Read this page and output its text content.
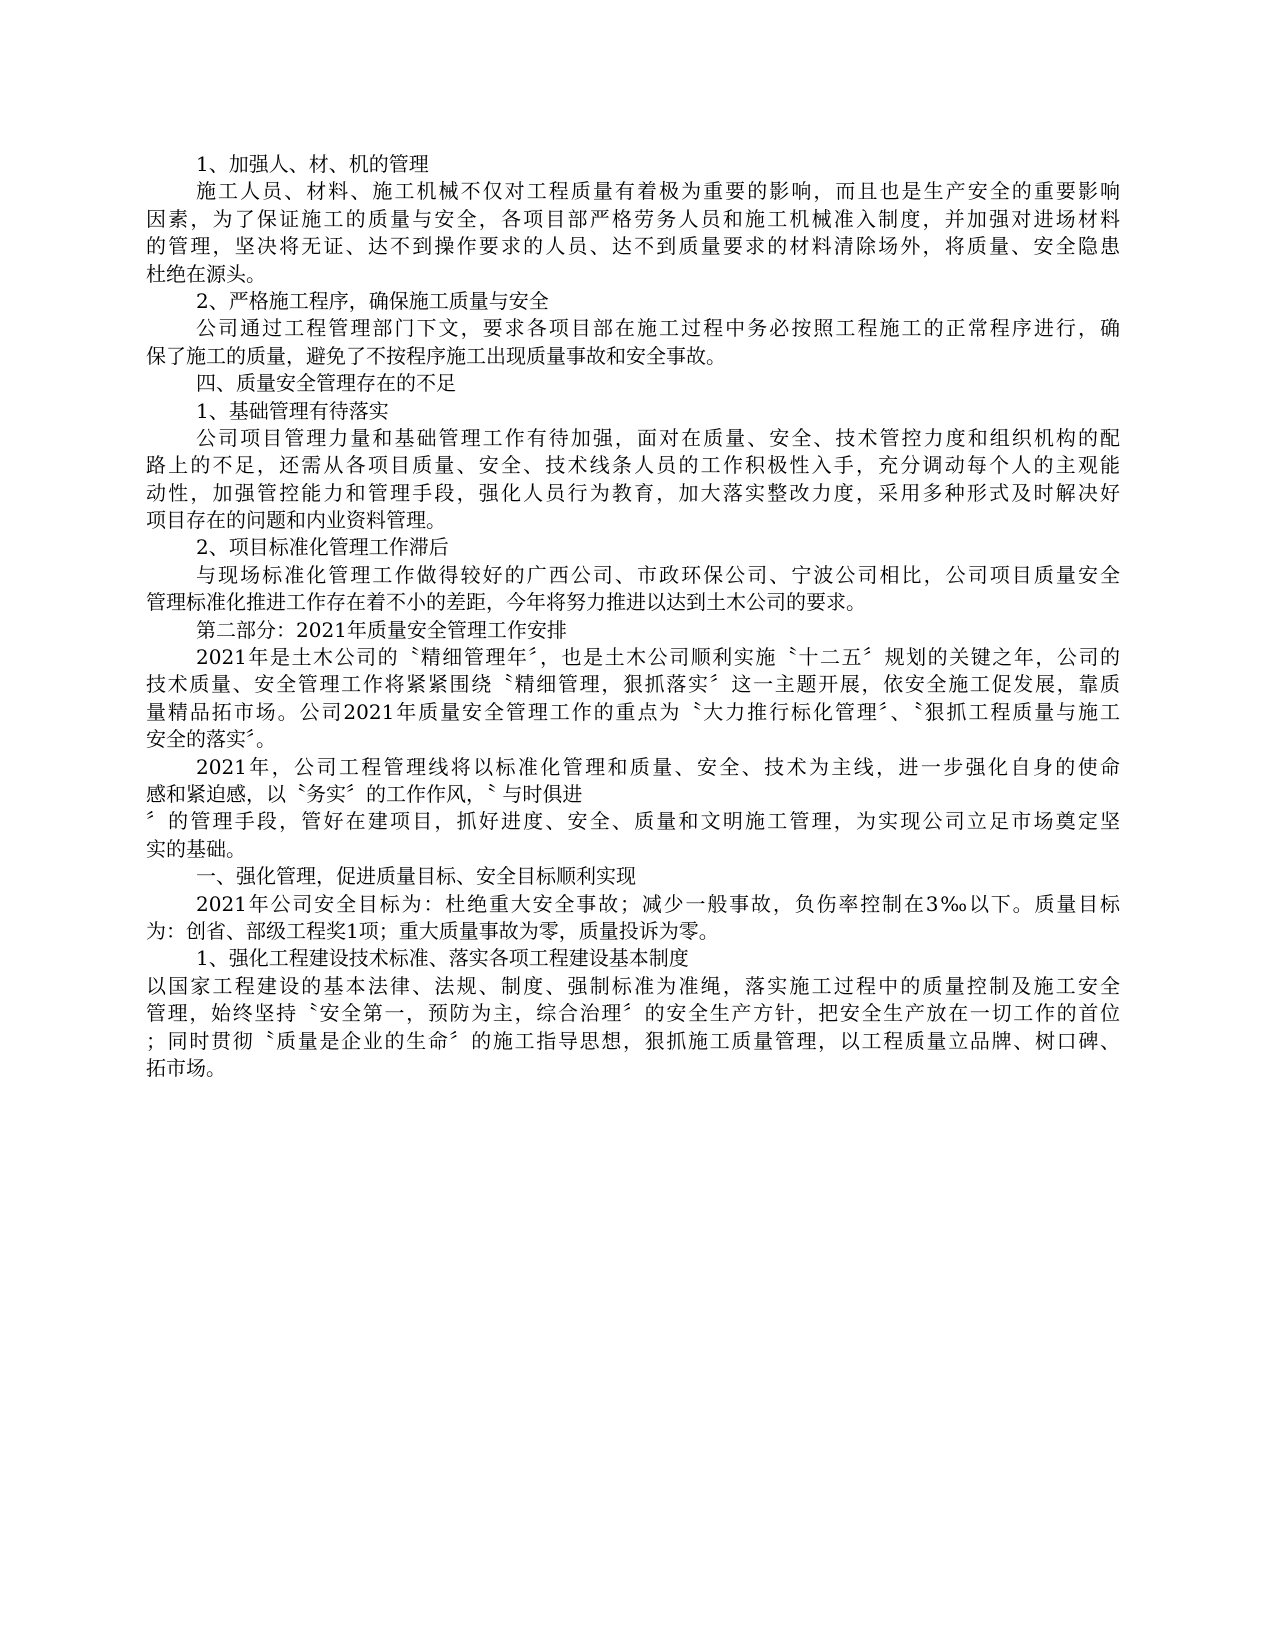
1、加强人、材、机的管理
施工人员、材料、施工机械不仅对工程质量有着极为重要的影响，而且也是生产安全的重要影响
因素，为了保证施工的质量与安全，各项目部严格劳务人员和施工机械准入制度，并加强对进场材料
的管理，坚决将无证、达不到操作要求的人员、达不到质量要求的材料清除场外，将质量、安全隐患
杜绝在源头。
2、严格施工程序，确保施工质量与安全
公司通过工程管理部门下文，要求各项目部在施工过程中务必按照工程施工的正常程序进行，确
保了施工的质量，避免了不按程序施工出现质量事故和安全事故。
四、质量安全管理存在的不足
1、基础管理有待落实
公司项目管理力量和基础管理工作有待加强，面对在质量、安全、技术管控力度和组织机构的配
路上的不足，还需从各项目质量、安全、技术线条人员的工作积极性入手，充分调动每个人的主观能
动性，加强管控能力和管理手段，强化人员行为教育，加大落实整改力度，采用多种形式及时解决好
项目存在的问题和内业资料管理。
2、项目标准化管理工作滞后
与现场标准化管理工作做得较好的广西公司、市政环保公司、宁波公司相比，公司项目质量安全
管理标准化推进工作存在着不小的差距，今年将努力推进以达到土木公司的要求。
第二部分：2021年质量安全管理工作安排
2021年是土木公司的〝精细管理年〞，也是土木公司顺利实施〝十二五〞规划的关键之年，公司的
技术质量、安全管理工作将紧紧围绕〝精细管理，狠抓落实〞这一主题开展，依安全施工促发展，靠质
量精品拓市场。公司2021年质量安全管理工作的重点为〝大力推行标化管理〞、〝狠抓工程质量与施工
安全的落实〞。
2021年，公司工程管理线将以标准化管理和质量、安全、技术为主线，进一步强化自身的使命
感和紧迫感，以〝务实〞的工作作风，〝 与时俱进
〞的管理手段，管好在建项目，抓好进度、安全、质量和文明施工管理，为实现公司立足市场奠定坚
实的基础。
一、强化管理，促进质量目标、安全目标顺利实现
2021年公司安全目标为：杜绝重大安全事故；减少一般事故，负伤率控制在3‰以下。质量目标
为：创省、部级工程奖1项；重大质量事故为零，质量投诉为零。
1、强化工程建设技术标准、落实各项工程建设基本制度
以国家工程建设的基本法律、法规、制度、强制标准为准绳，落实施工过程中的质量控制及施工安全
管理，始终坚持〝安全第一，预防为主，综合治理〞的安全生产方针，把安全生产放在一切工作的首位
；同时贯彻〝质量是企业的生命〞的施工指导思想，狠抓施工质量管理，以工程质量立品牌、树口碑、
拓市场。
